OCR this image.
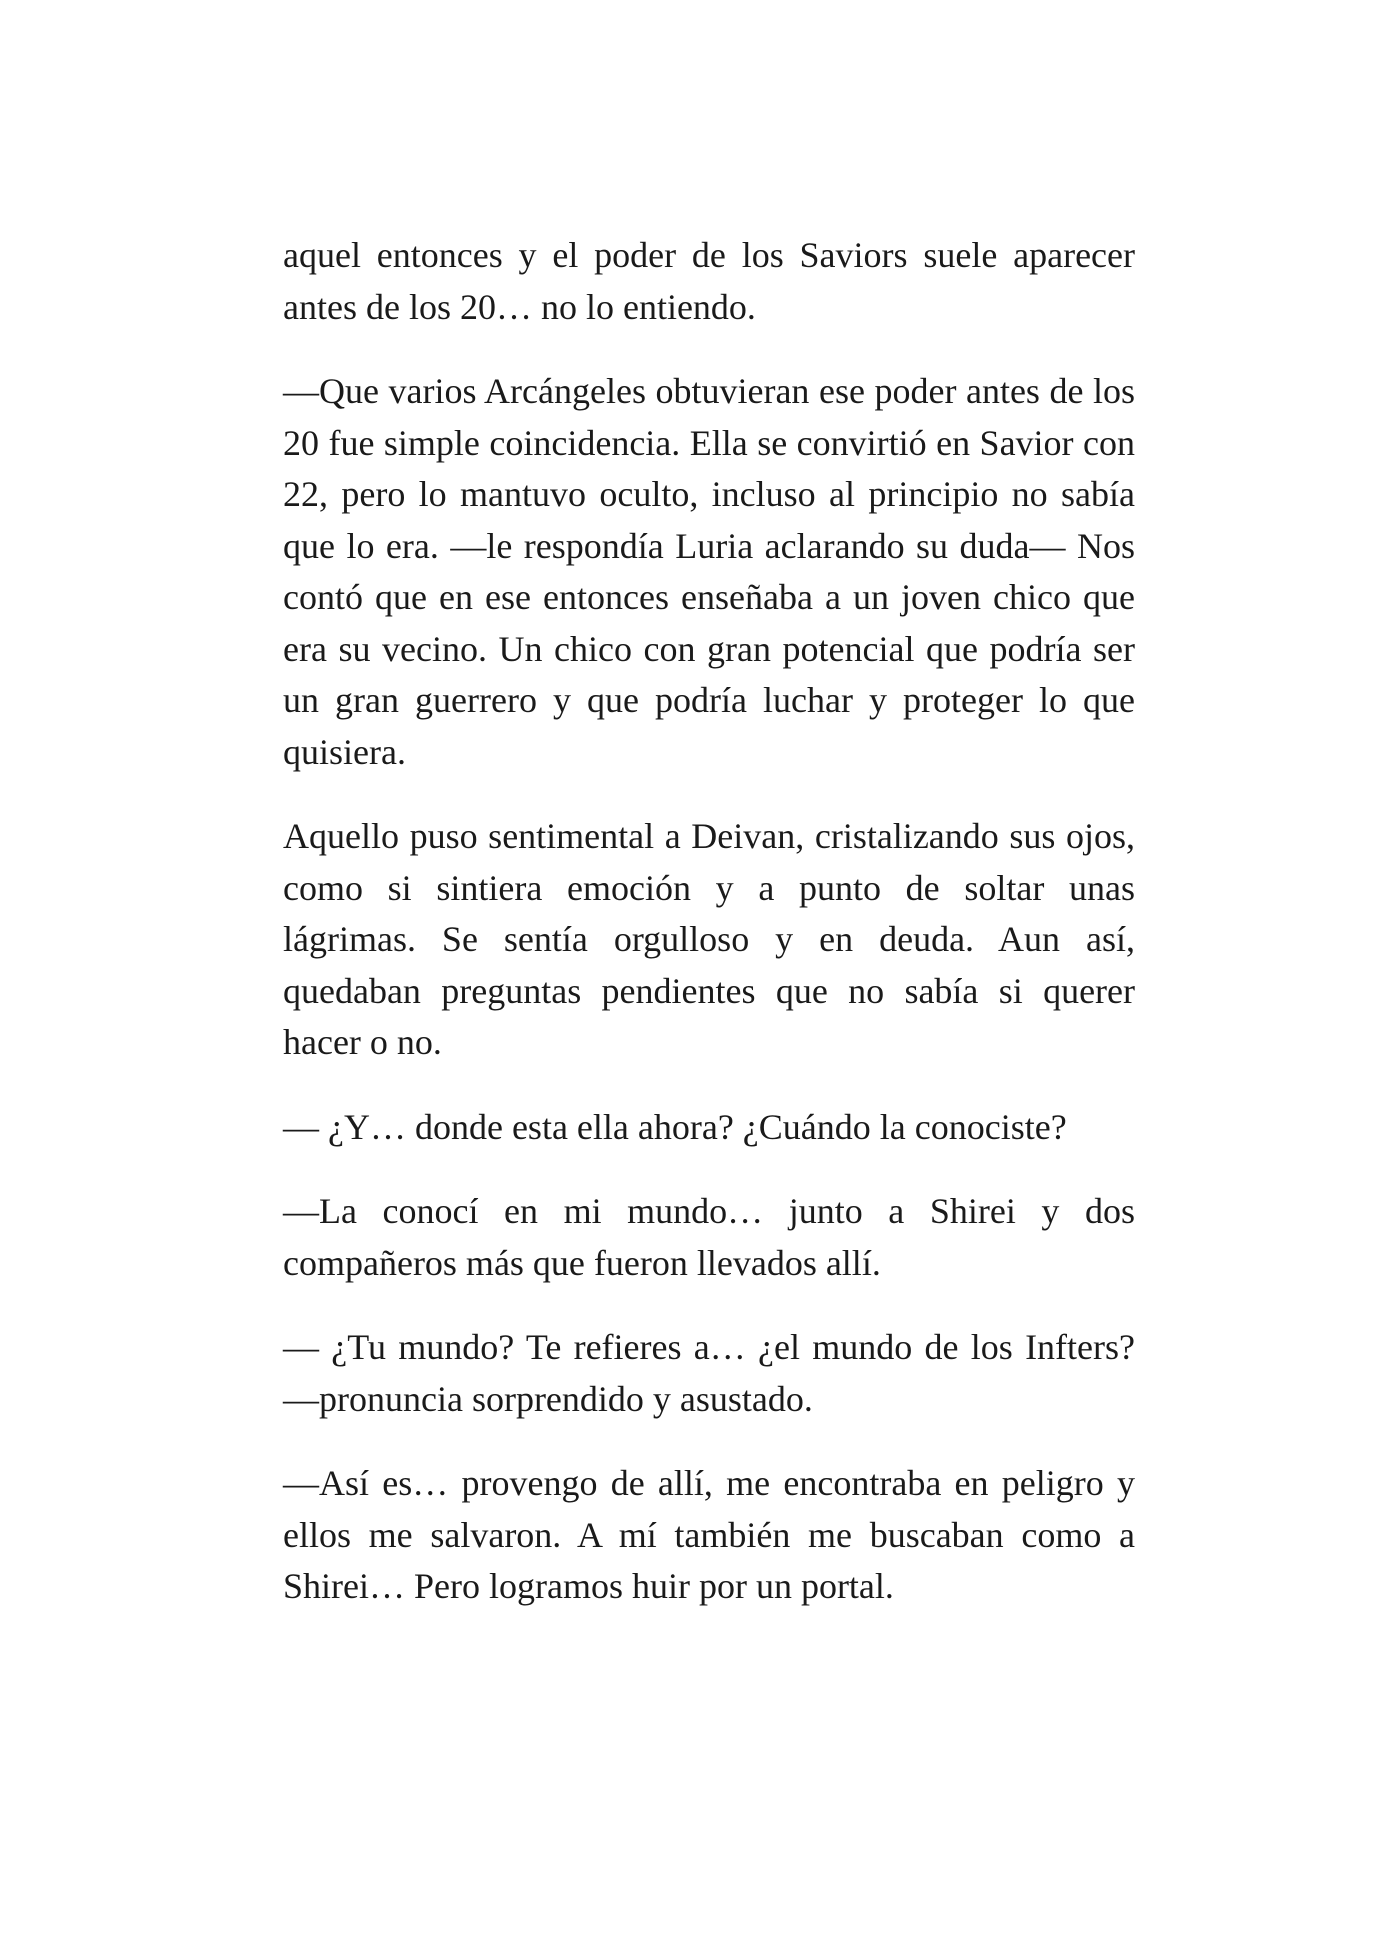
aquel entonces y el poder de los Saviors suele aparecer antes de los 20… no lo entiendo.

—Que varios Arcángeles obtuvieran ese poder antes de los 20 fue simple coincidencia. Ella se convirtió en Savior con 22, pero lo mantuvo oculto, incluso al principio no sabía que lo era. —le respondía Luria aclarando su duda— Nos contó que en ese entonces enseñaba a un joven chico que era su vecino. Un chico con gran potencial que podría ser un gran guerrero y que podría luchar y proteger lo que quisiera.

Aquello puso sentimental a Deivan, cristalizando sus ojos, como si sintiera emoción y a punto de soltar unas lágrimas. Se sentía orgulloso y en deuda. Aun así, quedaban preguntas pendientes que no sabía si querer hacer o no.

— ¿Y… donde esta ella ahora? ¿Cuándo la conociste?

—La conocí en mi mundo… junto a Shirei y dos compañeros más que fueron llevados allí.

— ¿Tu mundo? Te refieres a… ¿el mundo de los Infters?—pronuncia sorprendido y asustado.

—Así es… provengo de allí, me encontraba en peligro y ellos me salvaron. A mí también me buscaban como a Shirei… Pero logramos huir por un portal.
